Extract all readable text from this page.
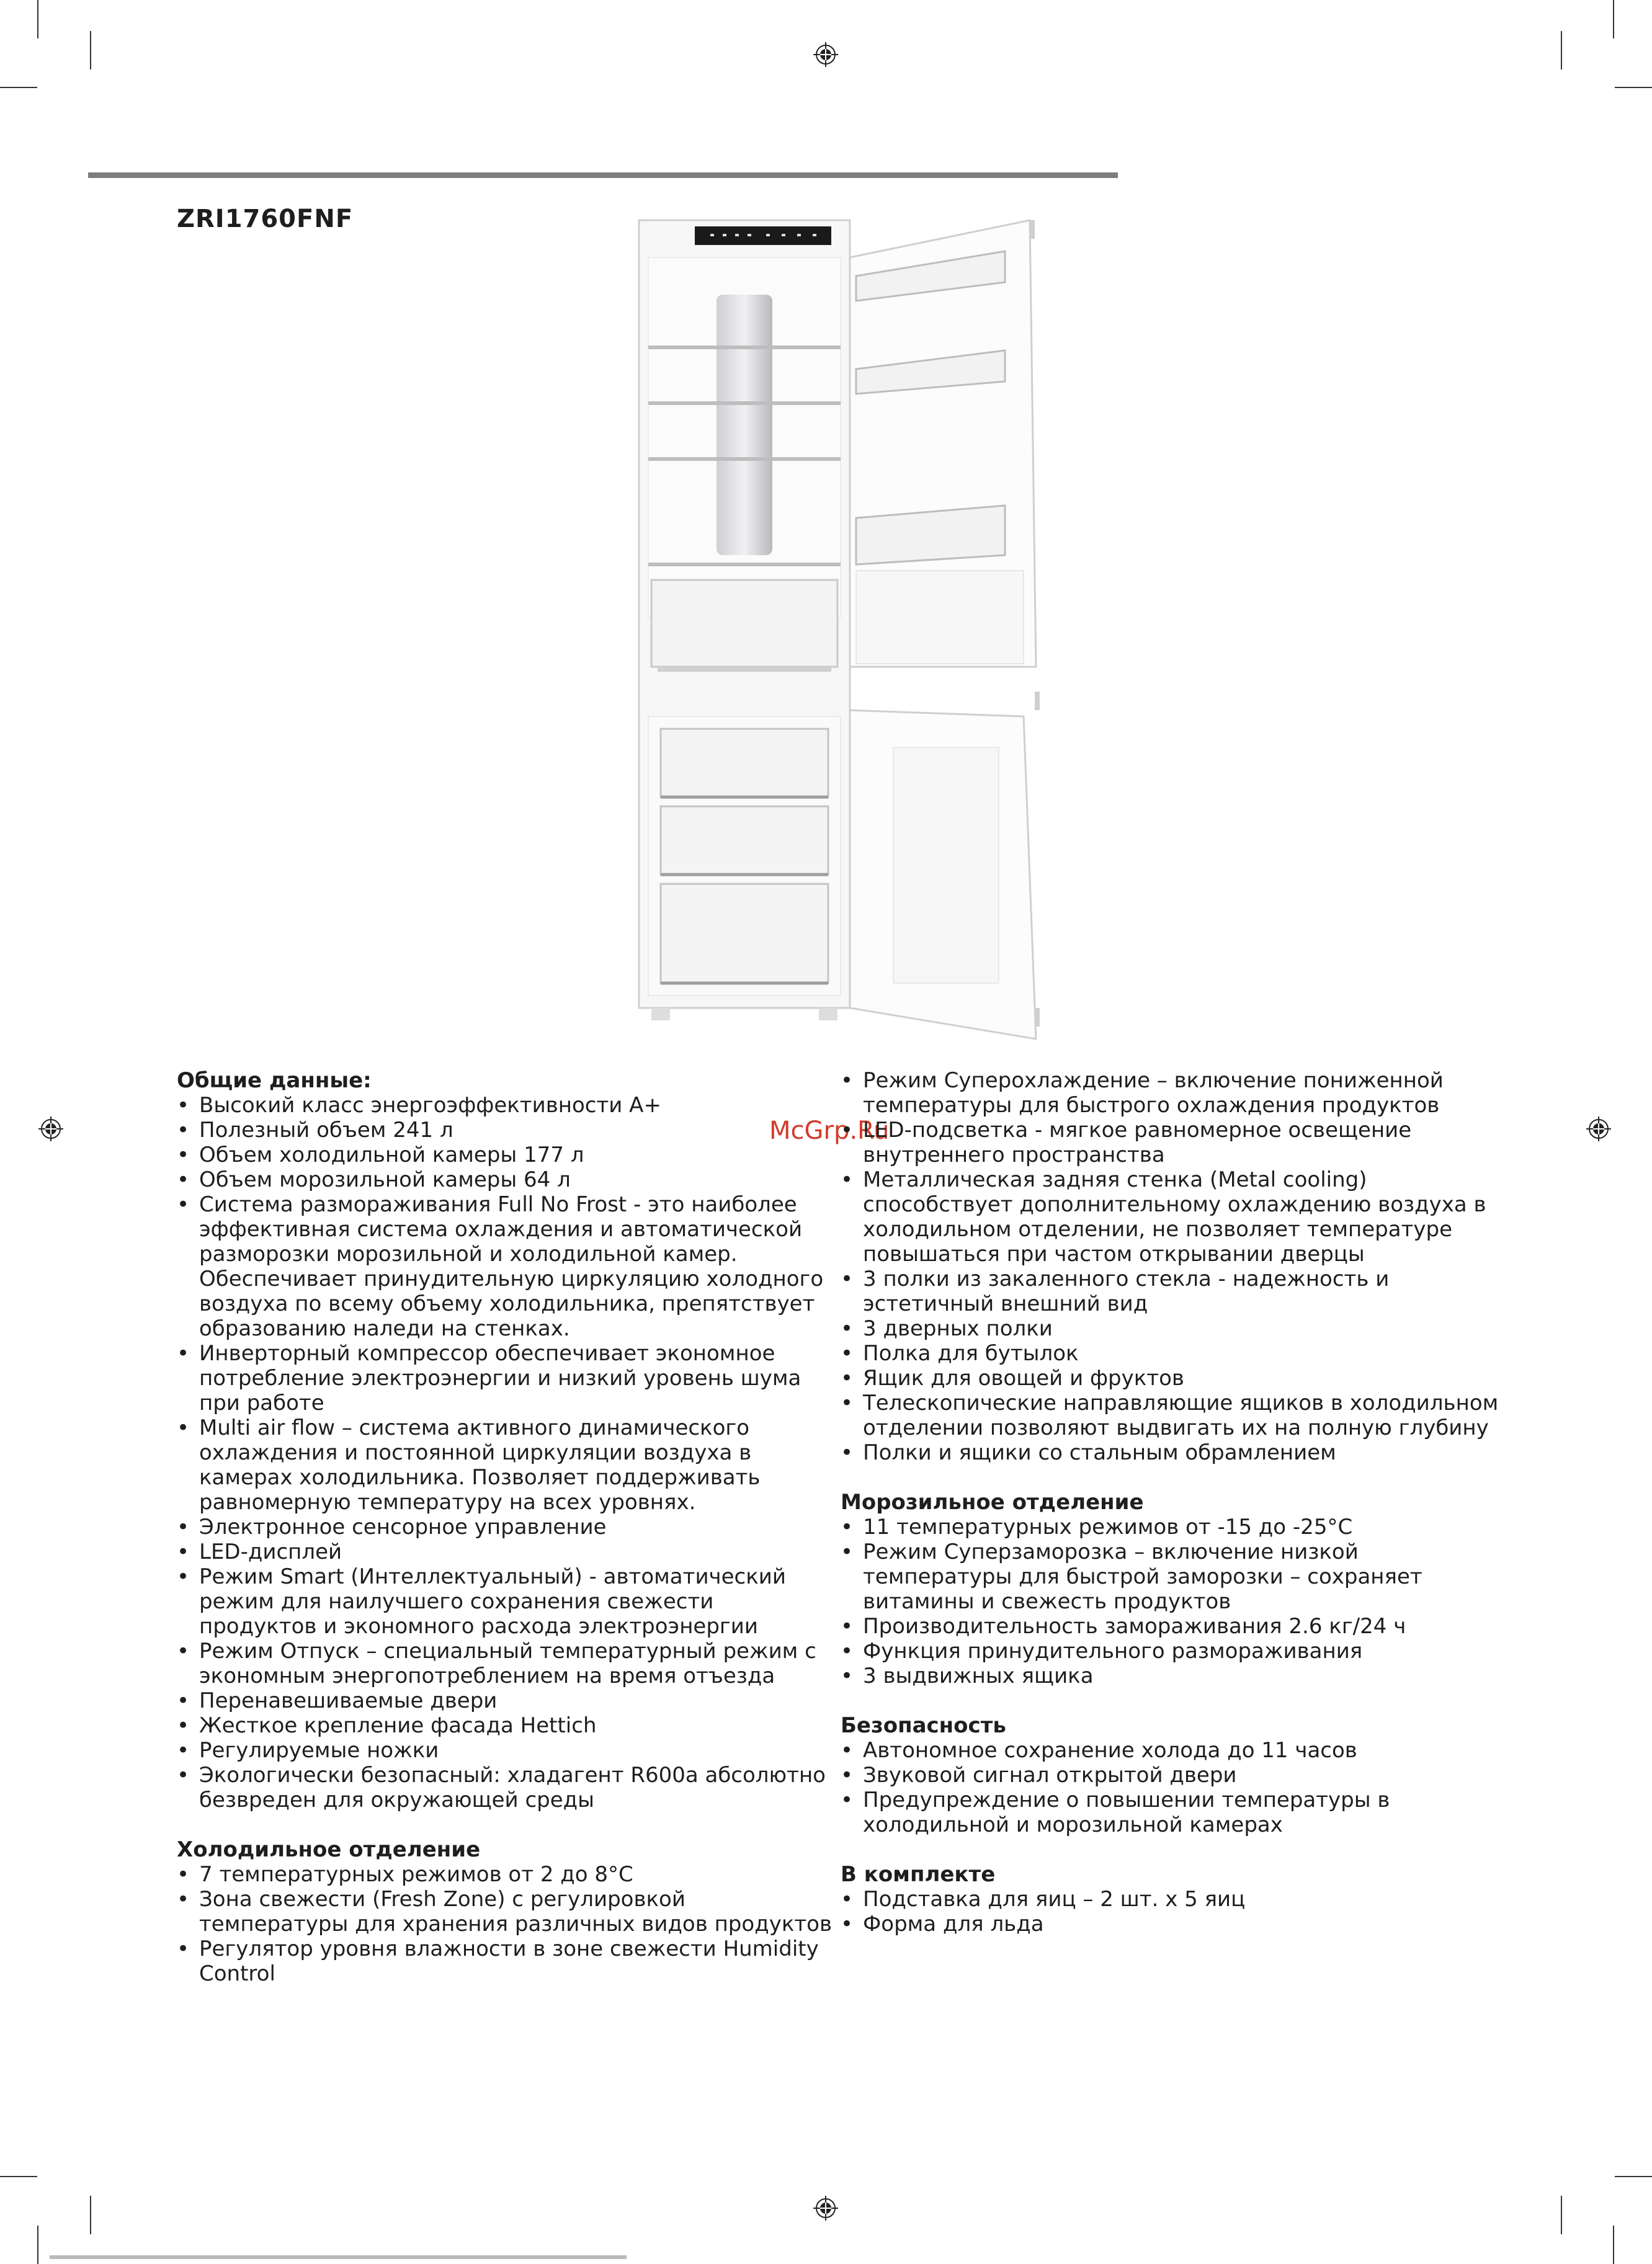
ZRI1760FNF
McGrp.Ru
Общие данные:
• Высокий класс энергоэффективности A+
• Полезный объем 241 л
• Объем холодильной камеры 177 л
• Объем морозильной камеры 64 л
• Система размораживания Full No Frost - это наиболее эффективная система охлаждения и автоматической разморозки морозильной и холодильной камер. Обеспечивает принудительную циркуляцию холодного воздуха по всему объему холодильника, препятствует образованию наледи на стенках.
• Инверторный компрессор обеспечивает экономное потребление электроэнергии и низкий уровень шума при работе
• Multi air flow – система активного динамического охлаждения и постоянной циркуляции воздуха в камерах холодильника. Позволяет поддерживать равномерную температуру на всех уровнях.
• Электронное сенсорное управление
• LED-дисплей
• Режим Smart (Интеллектуальный) - автоматический режим для наилучшего сохранения свежести продуктов и экономного расхода электроэнергии
• Режим Отпуск – специальный температурный режим с экономным энергопотреблением на время отъезда
• Перенавешиваемые двери
• Жесткое крепление фасада Hettich
• Регулируемые ножки
• Экологически безопасный: хладагент R600a абсолютно безвреден для окружающей среды
Холодильное отделение
• 7 температурных режимов от 2 до 8°С
• Зона свежести (Fresh Zone) с регулировкой температуры для хранения различных видов продуктов
• Регулятор уровня влажности в зоне свежести Humidity Control
• Режим Суперохлаждение – включение пониженной температуры для быстрого охлаждения продуктов
• LED-подсветка - мягкое равномерное освещение внутреннего пространства
• Металлическая задняя стенка (Metal cooling) способствует дополнительному охлаждению воздуха в холодильном отделении, не позволяет температуре повышаться при частом открывании дверцы
• 3 полки из закаленного стекла - надежность и эстетичный внешний вид
• 3 дверных полки
• Полка для бутылок
• Ящик для овощей и фруктов
• Телескопические направляющие ящиков в холодильном отделении позволяют выдвигать их на полную глубину
• Полки и ящики со стальным обрамлением
Морозильное отделение
• 11 температурных режимов от -15 до -25°С
• Режим Суперзаморозка – включение низкой температуры для быстрой заморозки – сохраняет витамины и свежесть продуктов
• Производительность замораживания 2.6 кг/24 ч
• Функция принудительного размораживания
• 3 выдвижных ящика
Безопасность
• Автономное сохранение холода до 11 часов
• Звуковой сигнал открытой двери
• Предупреждение о повышении температуры в холодильной и морозильной камерах
В комплекте
• Подставка для яиц – 2 шт. х 5 яиц
• Форма для льда
